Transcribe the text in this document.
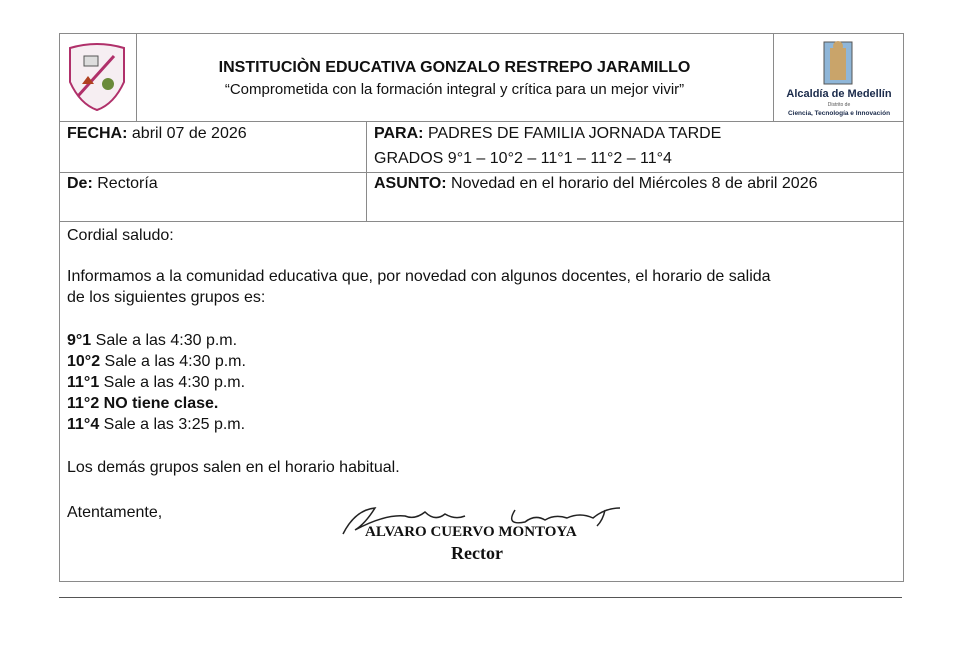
INSTITUCIÒN EDUCATIVA GONZALO RESTREPO JARAMILLO
“Comprometida con la formación integral y crítica para un mejor vivir”	Alcaldía de Medellín
Distrito de
Ciencia, Tecnología e Innovación
FECHA: abril 07 de 2026	PARA: PADRES DE FAMILIA JORNADA TARDE
GRADOS 9°1 – 10°2 – 11°1 – 11°2 – 11°4
De: Rectoría	ASUNTO: Novedad en el horario del Miércoles 8 de abril 2026
Cordial saludo:
Informamos a la comunidad educativa que, por novedad con algunos docentes, el horario de salida
de los siguientes grupos es:
9°1 Sale a las 4:30 p.m.
10°2 Sale a las 4:30 p.m.
11°1 Sale a las 4:30 p.m.
11°2 NO tiene clase.
11°4 Sale a las 3:25 p.m.
Los demás grupos salen en el horario habitual.
Atentamente,
ALVARO CUERVO MONTOYA
Rector
